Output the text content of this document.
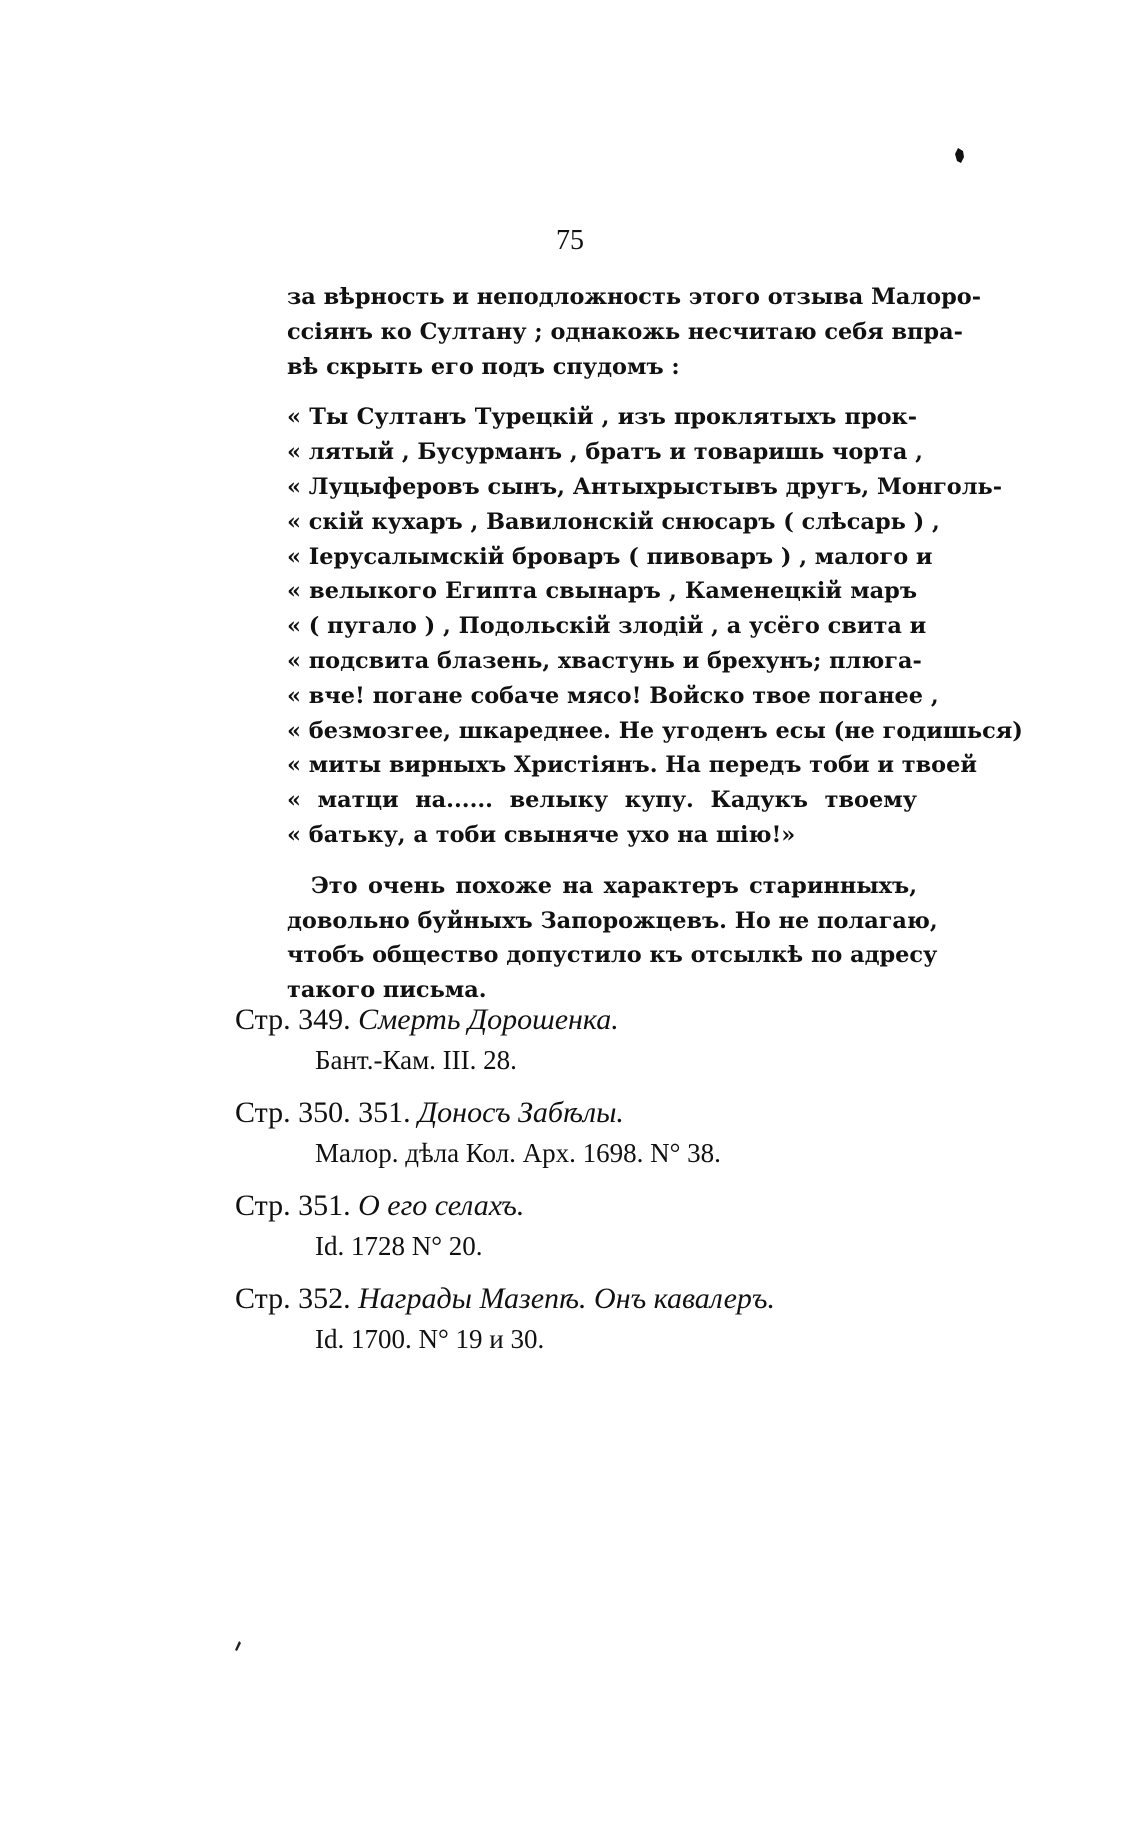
75
за вѣрность и неподложность этого отзыва Малоро-
ссіянъ ко Султану ; однакожь несчитаю себя впра-
вѣ скрыть его подъ спудомъ :
« Ты Султанъ Турецкій , изъ проклятыхъ прок-
« лятый , Бусурманъ , братъ и товаришь чорта ,
« Луцыферовъ сынъ, Антыхрыстывъ другъ, Монголь-
« скій кухаръ , Вавилонскій снюсаръ ( слѣсарь ) ,
« Іерусалымскій броваръ ( пивоваръ ) , малого и
« велыкого Египта свынаръ , Каменецкій маръ
« ( пугало ) , Подольскій злодій , а усёго свита и
« подсвита блазень, хвастунь и брехунъ; плюга-
« вче! погане собаче мясо! Войско твое поганее ,
« безмозгее, шкареднее. Не угоденъ есы (не годишься)
« миты вирныхъ Христіянъ. На передъ тоби и твоей
« матци на...... велыку купу. Кадукъ твоему
« батьку, а тоби свыняче ухо на шію!»
Это очень похоже на характеръ старинныхъ,
довольно буйныхъ Запорожцевъ. Но не полагаю,
чтобъ общество допустило къ отсылкѣ по адресу
такого письма.
Стр. 349. Смерть Дорошенка.
Бант.-Кам. III. 28.
Стр. 350. 351. Доносъ Забѣлы.
Малор. дѣла Кол. Арх. 1698. N° 38.
Стр. 351. О его селахъ.
Id. 1728 N° 20.
Стр. 352. Награды Мазепѣ. Онъ кавалеръ.
Id. 1700. N° 19 и 30.
